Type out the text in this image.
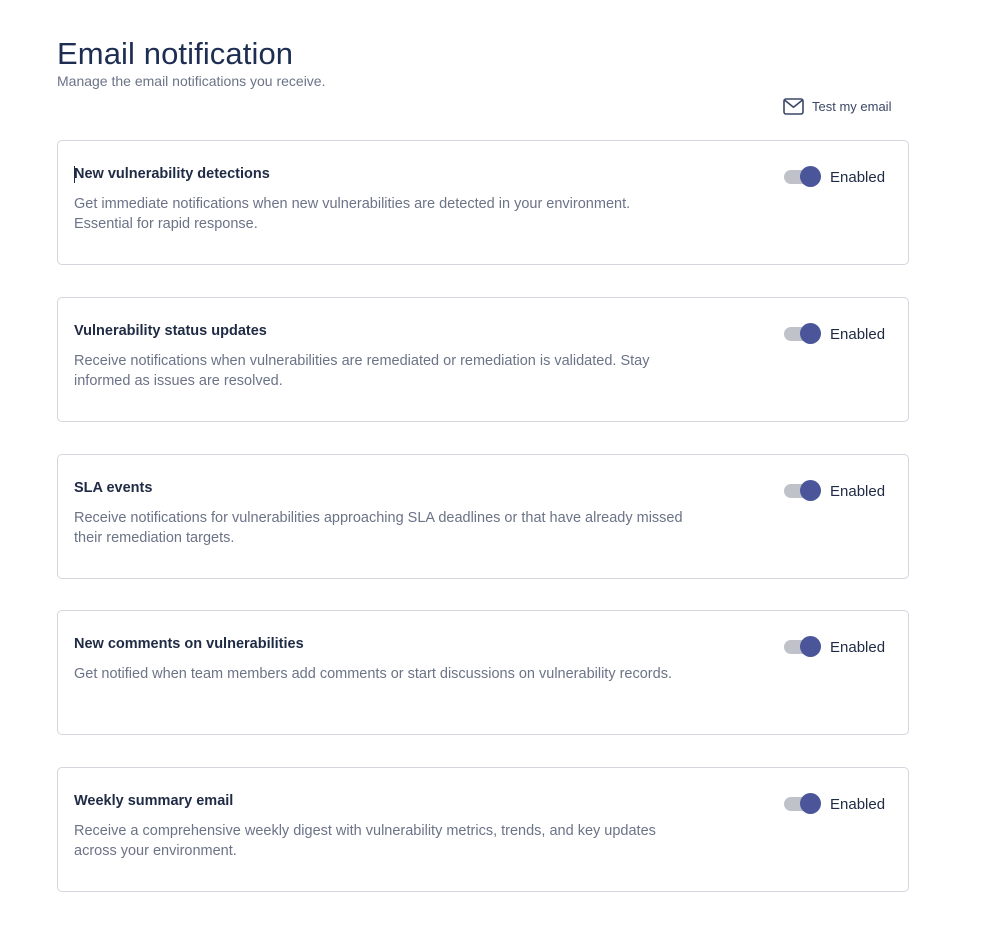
Email notification

Manage the email notifications you receive.

Test my email
New vulnerability detections

Get immediate notifications when new vulnerabilities are detected in your environment. Essential for rapid response.

Enabled
Vulnerability status updates

Receive notifications when vulnerabilities are remediated or remediation is validated. Stay informed as issues are resolved.

Enabled
SLA events

Receive notifications for vulnerabilities approaching SLA deadlines or that have already missed their remediation targets.

Enabled
New comments on vulnerabilities

Get notified when team members add comments or start discussions on vulnerability records.

Enabled
Weekly summary email

Receive a comprehensive weekly digest with vulnerability metrics, trends, and key updates across your environment.

Enabled
